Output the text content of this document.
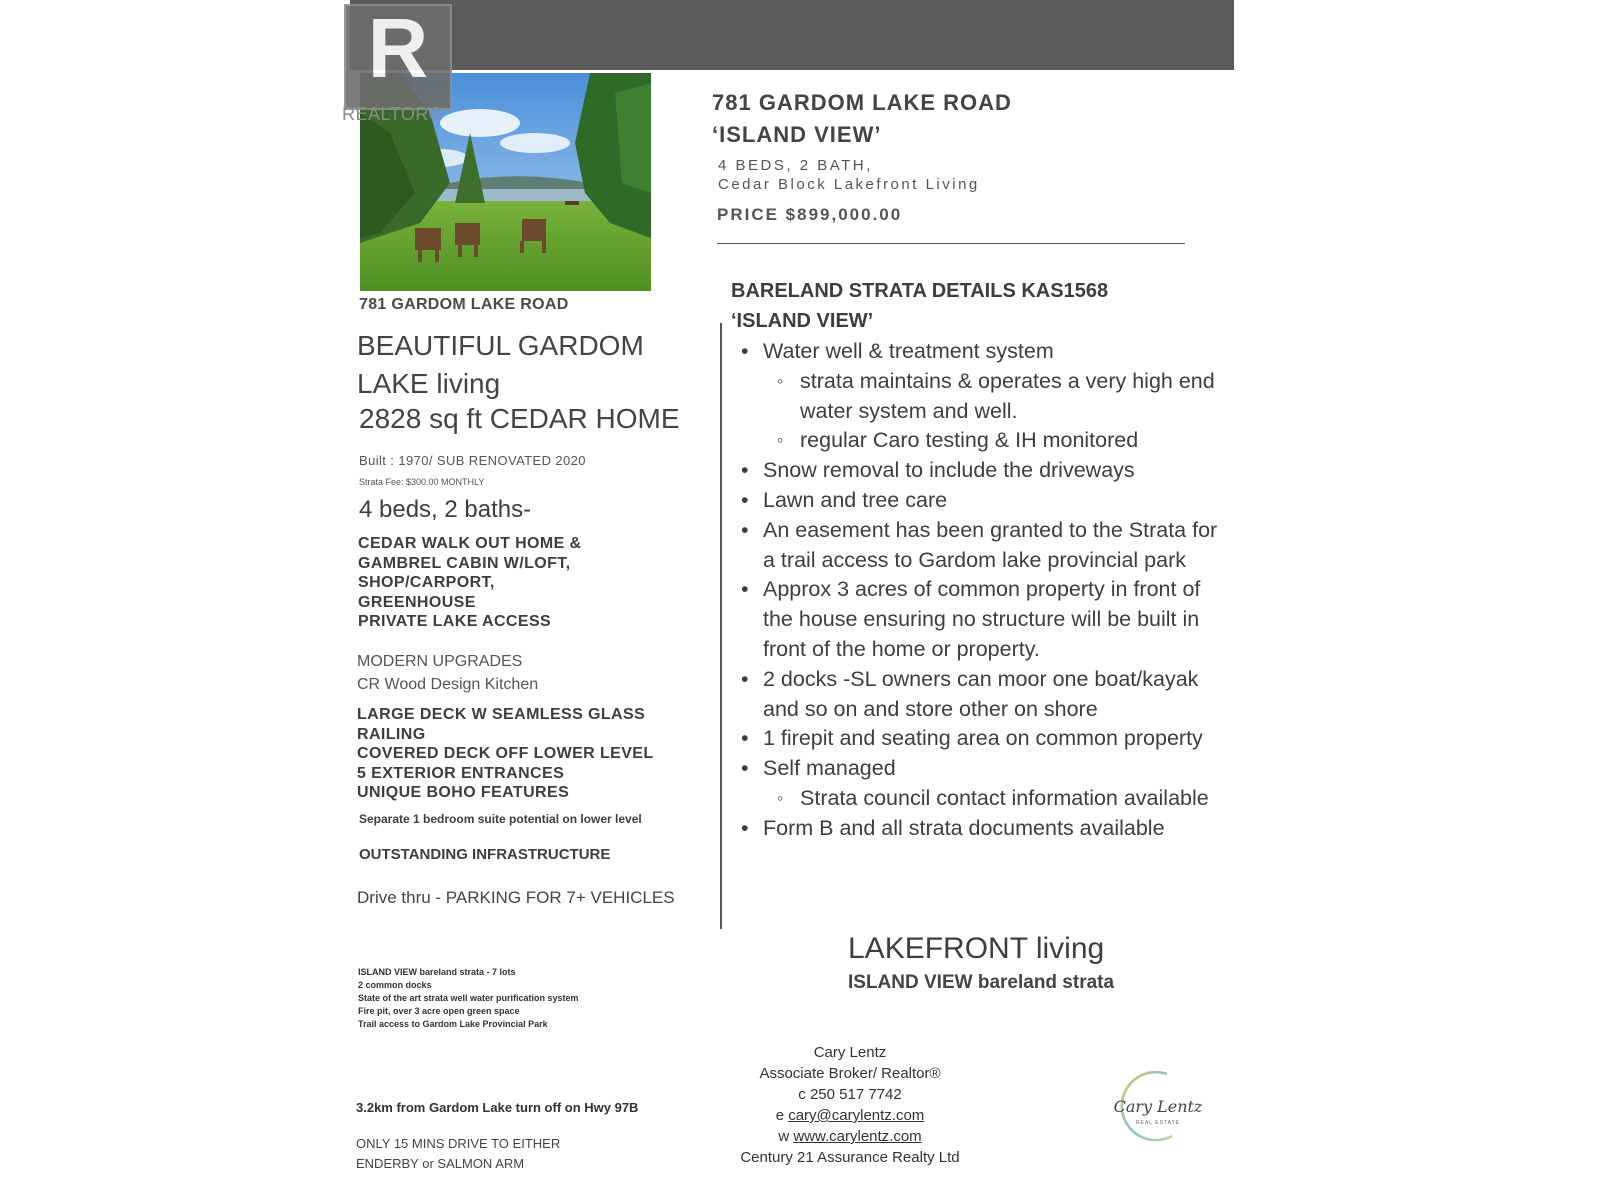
R
REALTOR®
781 GARDOM LAKE ROAD
BEAUTIFUL GARDOM
LAKE living
2828 sq ft CEDAR HOME
Built : 1970/ SUB RENOVATED 2020
Strata Fee: $300.00 MONTHLY
4 beds, 2 baths-
CEDAR WALK OUT HOME &
GAMBREL CABIN W/LOFT,
SHOP/CARPORT,
GREENHOUSE
PRIVATE LAKE ACCESS
MODERN UPGRADES
CR Wood Design Kitchen
LARGE DECK W SEAMLESS GLASS
RAILING
COVERED DECK OFF LOWER LEVEL
5 EXTERIOR ENTRANCES
UNIQUE BOHO FEATURES
Separate 1 bedroom suite potential on lower level
OUTSTANDING INFRASTRUCTURE
Drive thru - PARKING FOR 7+ VEHICLES
ISLAND VIEW bareland strata - 7 lots
2 common docks
State of the art strata well water purification system
Fire pit, over 3 acre open green space
Trail access to Gardom Lake Provincial Park
3.2km from Gardom Lake turn off on Hwy 97B
ONLY 15 MINS DRIVE TO EITHER
ENDERBY or SALMON ARM
781 GARDOM LAKE ROAD
‘ISLAND VIEW’
4 BEDS, 2 BATH,
Cedar Block Lakefront Living
PRICE $899,000.00
BARELAND STRATA DETAILS KAS1568
‘ISLAND VIEW’
• Water well & treatment system
◦ strata maintains & operates a very high end
water system and well.
◦ regular Caro testing & IH monitored
• Snow removal to include the driveways
• Lawn and tree care
• An easement has been granted to the Strata for
a trail access to Gardom lake provincial park
• Approx 3 acres of common property in front of
the house ensuring no structure will be built in
front of the home or property.
• 2 docks -SL owners can moor one boat/kayak
and so on and store other on shore
• 1 firepit and seating area on common property
• Self managed
◦ Strata council contact information available
• Form B and all strata documents available
LAKEFRONT living
ISLAND VIEW bareland strata
Cary Lentz
Associate Broker/ Realtor®
c 250 517 7742
e cary@carylentz.com
w www.carylentz.com
Century 21 Assurance Realty Ltd
Cary Lentz
REAL ESTATE
